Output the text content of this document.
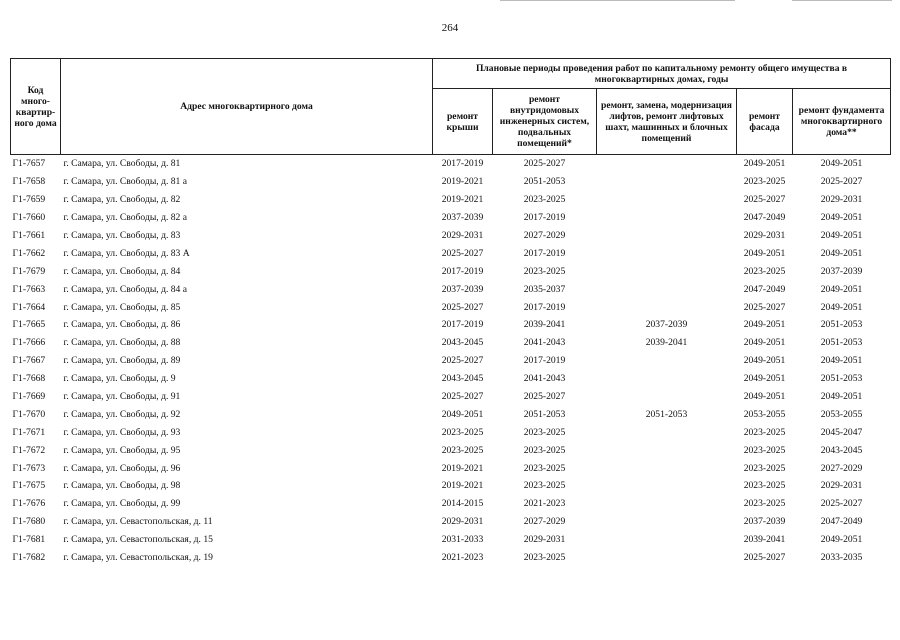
264
Код много-квартир-ного дома	Адрес многоквартирного дома	Плановые периоды проведения работ по капитальному ремонту общего имущества в многоквартирных домах, годы				
		ремонт крыши	ремонт внутридомовых инженерных систем, подвальных помещений*	ремонт, замена, модернизация лифтов, ремонт лифтовых шахт, машинных и блочных помещений	ремонт фасада	ремонт фундамента многоквартирного дома**
Г1-7657	г. Самара, ул. Свободы, д. 81	2017-2019	2025-2027		2049-2051	2049-2051
Г1-7658	г. Самара, ул. Свободы, д. 81 а	2019-2021	2051-2053		2023-2025	2025-2027
Г1-7659	г. Самара, ул. Свободы, д. 82	2019-2021	2023-2025		2025-2027	2029-2031
Г1-7660	г. Самара, ул. Свободы, д. 82 а	2037-2039	2017-2019		2047-2049	2049-2051
Г1-7661	г. Самара, ул. Свободы, д. 83	2029-2031	2027-2029		2029-2031	2049-2051
Г1-7662	г. Самара, ул. Свободы, д. 83 А	2025-2027	2017-2019		2049-2051	2049-2051
Г1-7679	г. Самара, ул. Свободы, д. 84	2017-2019	2023-2025		2023-2025	2037-2039
Г1-7663	г. Самара, ул. Свободы, д. 84 а	2037-2039	2035-2037		2047-2049	2049-2051
Г1-7664	г. Самара, ул. Свободы, д. 85	2025-2027	2017-2019		2025-2027	2049-2051
Г1-7665	г. Самара, ул. Свободы, д. 86	2017-2019	2039-2041	2037-2039	2049-2051	2051-2053
Г1-7666	г. Самара, ул. Свободы, д. 88	2043-2045	2041-2043	2039-2041	2049-2051	2051-2053
Г1-7667	г. Самара, ул. Свободы, д. 89	2025-2027	2017-2019		2049-2051	2049-2051
Г1-7668	г. Самара, ул. Свободы, д. 9	2043-2045	2041-2043		2049-2051	2051-2053
Г1-7669	г. Самара, ул. Свободы, д. 91	2025-2027	2025-2027		2049-2051	2049-2051
Г1-7670	г. Самара, ул. Свободы, д. 92	2049-2051	2051-2053	2051-2053	2053-2055	2053-2055
Г1-7671	г. Самара, ул. Свободы, д. 93	2023-2025	2023-2025		2023-2025	2045-2047
Г1-7672	г. Самара, ул. Свободы, д. 95	2023-2025	2023-2025		2023-2025	2043-2045
Г1-7673	г. Самара, ул. Свободы, д. 96	2019-2021	2023-2025		2023-2025	2027-2029
Г1-7675	г. Самара, ул. Свободы, д. 98	2019-2021	2023-2025		2023-2025	2029-2031
Г1-7676	г. Самара, ул. Свободы, д. 99	2014-2015	2021-2023		2023-2025	2025-2027
Г1-7680	г. Самара, ул. Севастопольская, д. 11	2029-2031	2027-2029		2037-2039	2047-2049
Г1-7681	г. Самара, ул. Севастопольская, д. 15	2031-2033	2029-2031		2039-2041	2049-2051
Г1-7682	г. Самара, ул. Севастопольская, д. 19	2021-2023	2023-2025		2025-2027	2033-2035
